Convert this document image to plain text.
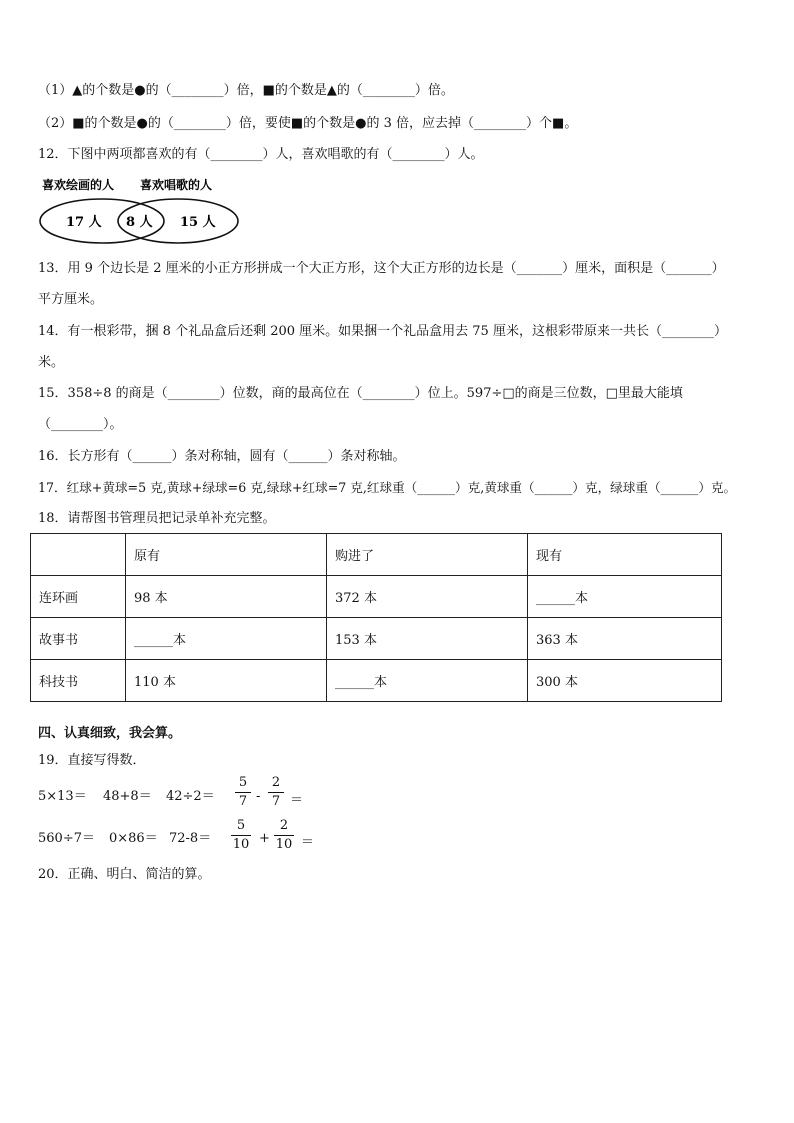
（1）▲的个数是●的（________）倍，■的个数是▲的（________）倍。
（2）■的个数是●的（________）倍，要使■的个数是●的 3 倍，应去掉（________）个■。
12．下图中两项都喜欢的有（________）人，喜欢唱歌的有（________）人。
喜欢绘画的人 喜欢唱歌的人
17 人 8 人 15 人
13．用 9 个边长是 2 厘米的小正方形拼成一个大正方形，这个大正方形的边长是（_______）厘米，面积是（_______）
平方厘米。
14．有一根彩带，捆 8 个礼品盒后还剩 200 厘米。如果捆一个礼品盒用去 75 厘米，这根彩带原来一共长（________）
米。
15．358÷8 的商是（________）位数，商的最高位在（________）位上。597÷□的商是三位数，□里最大能填
（________）。
16．长方形有（______）条对称轴，圆有（______）条对称轴。
17．红球+黄球=5 克,黄球+绿球=6 克,绿球+红球=7 克,红球重（______）克,黄球重（______）克，绿球重（______）克。
18．请帮图书管理员把记录单补充完整。
	原有	购进了	现有
连环画	98 本	372 本	______本
故事书	______本	153 本	363 本
科技书	110 本	______本	300 本
四、认真细致，我会算。
19．直接写得数．
5×13＝ 48+8＝ 42÷2＝
5
7 -
2
7 ＝
560÷7＝ 0×86＝ 72-8＝
5
10 +
2
10 ＝
20．正确、明白、简洁的算。
